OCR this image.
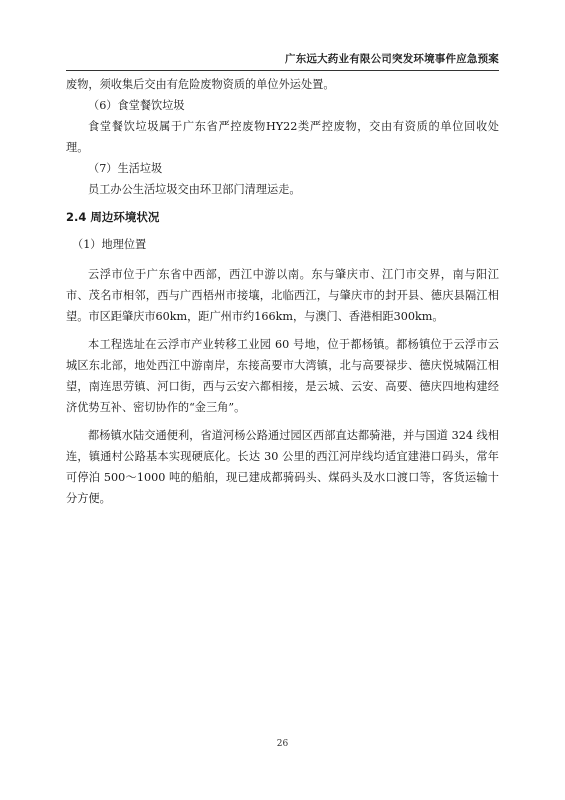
广东远大药业有限公司突发环境事件应急预案

废物，须收集后交由有危险废物资质的单位外运处置。

（6）食堂餐饮垃圾

食堂餐饮垃圾属于广东省严控废物HY22类严控废物，交由有资质的单位回收处理。

（7）生活垃圾

员工办公生活垃圾交由环卫部门清理运走。

2.4 周边环境状况

（1）地理位置

云浮市位于广东省中西部，西江中游以南。东与肇庆市、江门市交界，南与阳江市、茂名市相邻，西与广西梧州市接壤，北临西江，与肇庆市的封开县、德庆县隔江相望。市区距肇庆市60km，距广州市约166km，与澳门、香港相距300km。

本工程选址在云浮市产业转移工业园 60 号地，位于都杨镇。都杨镇位于云浮市云城区东北部，地处西江中游南岸，东接高要市大湾镇，北与高要禄步、德庆悦城隔江相望，南连思劳镇、河口街，西与云安六都相接，是云城、云安、高要、德庆四地构建经济优势互补、密切协作的“金三角”。

都杨镇水陆交通便利，省道河杨公路通过园区西部直达都骑港，并与国道 324 线相连，镇通村公路基本实现硬底化。长达 30 公里的西江河岸线均适宜建港口码头，常年可停泊 500～1000 吨的船舶，现已建成都骑码头、煤码头及水口渡口等，客货运输十分方便。

26
